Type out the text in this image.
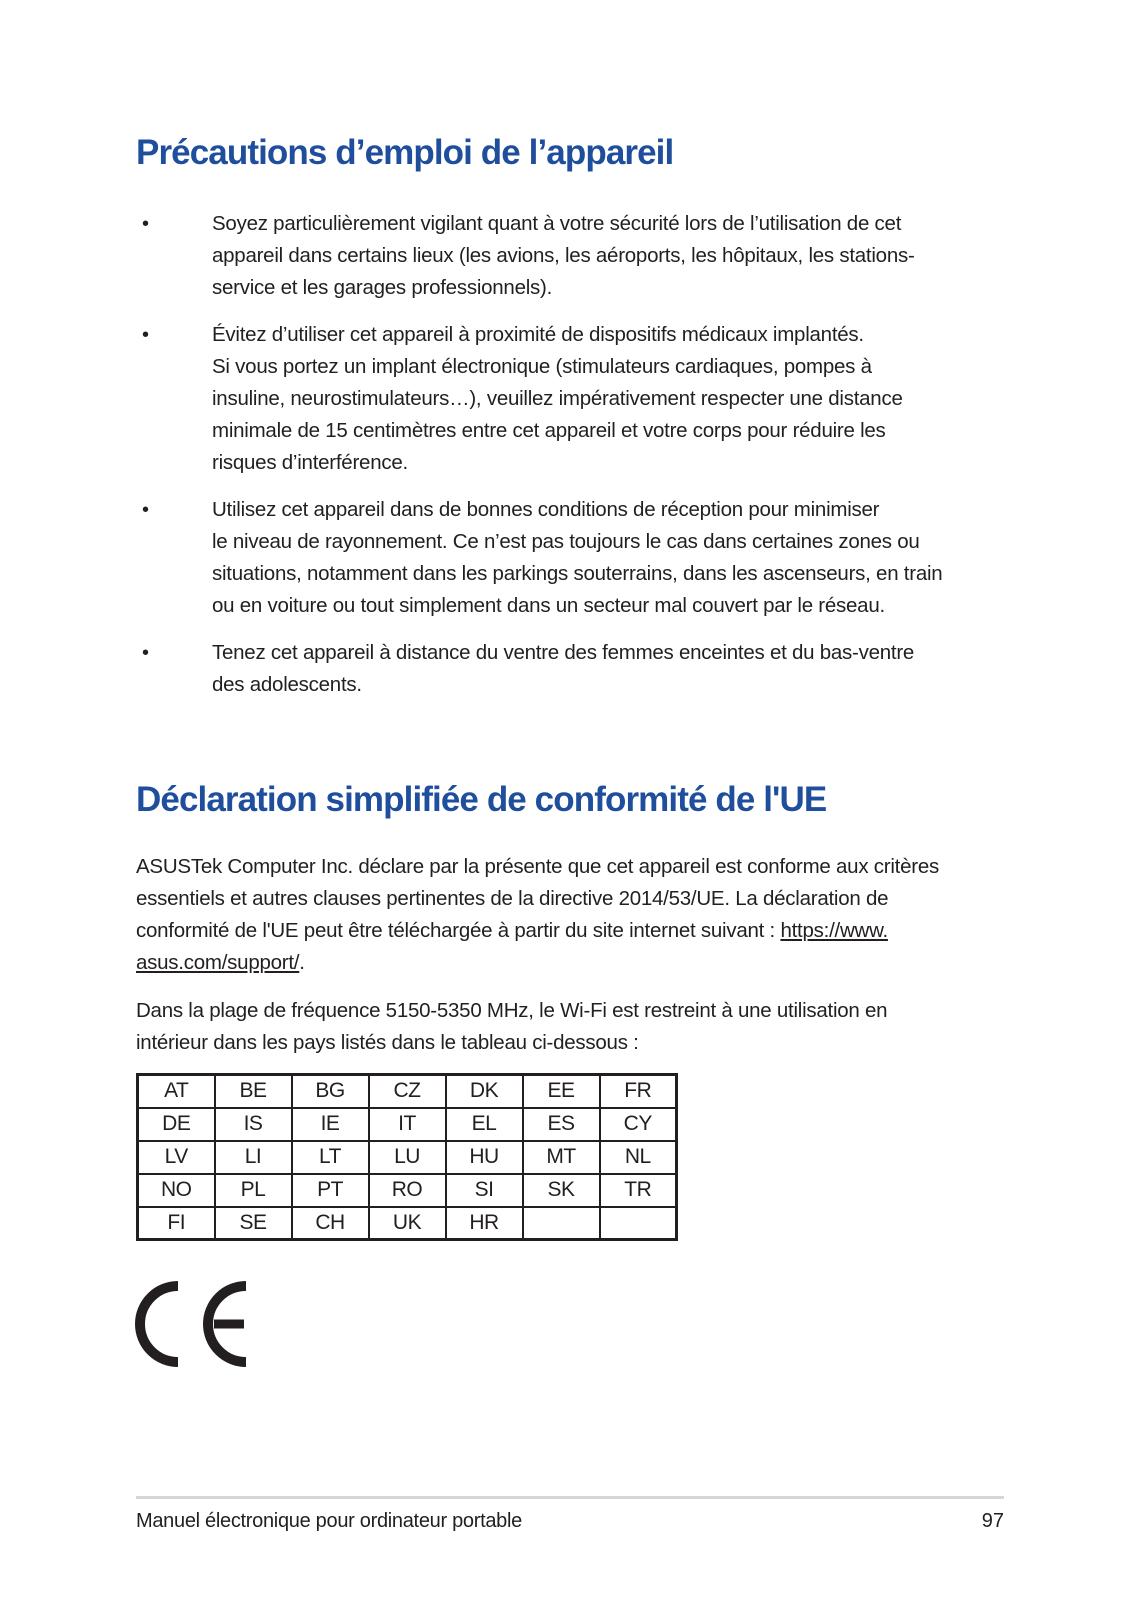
Précautions d’emploi de l’appareil
•	Soyez particulièrement vigilant quant à votre sécurité lors de l’utilisation de cet
appareil dans certains lieux (les avions, les aéroports, les hôpitaux, les stations-
service et les garages professionnels).
•	Évitez d’utiliser cet appareil à proximité de dispositifs médicaux implantés.
Si vous portez un implant électronique (stimulateurs cardiaques, pompes à
insuline, neurostimulateurs…), veuillez impérativement respecter une distance
minimale de 15 centimètres entre cet appareil et votre corps pour réduire les
risques d’interférence.
•	Utilisez cet appareil dans de bonnes conditions de réception pour minimiser
le niveau de rayonnement. Ce n’est pas toujours le cas dans certaines zones ou
situations, notamment dans les parkings souterrains, dans les ascenseurs, en train
ou en voiture ou tout simplement dans un secteur mal couvert par le réseau.
•	Tenez cet appareil à distance du ventre des femmes enceintes et du bas-ventre
des adolescents.
Déclaration simplifiée de conformité de l'UE
ASUSTek Computer Inc. déclare par la présente que cet appareil est conforme aux critères
essentiels et autres clauses pertinentes de la directive 2014/53/UE. La déclaration de
conformité de l'UE peut être téléchargée à partir du site internet suivant : https://www.
asus.com/support/.
Dans la plage de fréquence 5150-5350 MHz, le Wi-Fi est restreint à une utilisation en
intérieur dans les pays listés dans le tableau ci-dessous :
AT	BE	BG	CZ	DK	EE	FR
DE	IS	IE	IT	EL	ES	CY
LV	LI	LT	LU	HU	MT	NL
NO	PL	PT	RO	SI	SK	TR
FI	SE	CH	UK	HR		
Manuel électronique pour ordinateur portable	97
